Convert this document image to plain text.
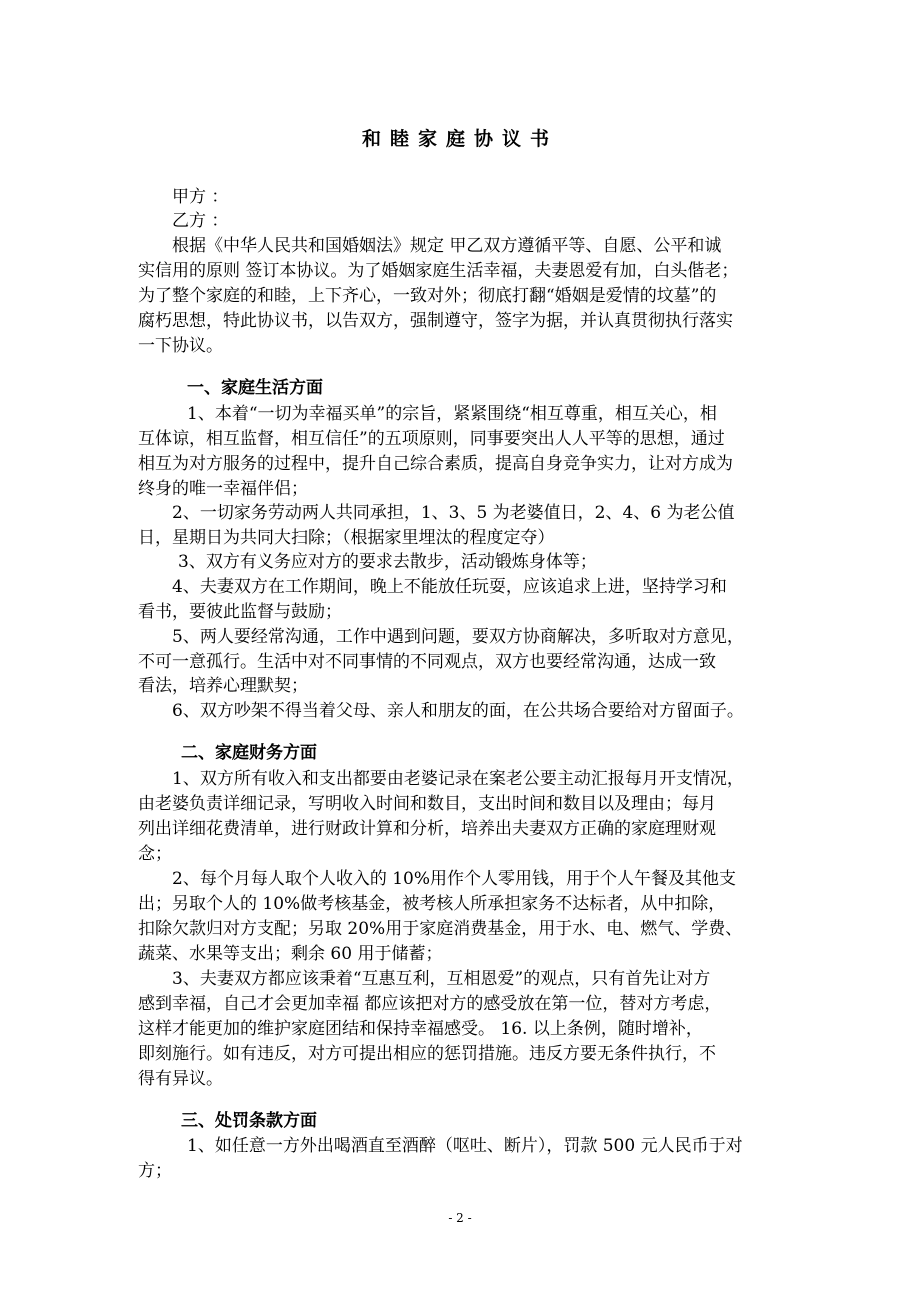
和睦家庭协议书
甲方 ：
乙方 ：
根据《中华人民共和国婚姻法》规定 甲乙双方遵循平等、自愿、公平和诚
实信用的原则 签订本协议。为了婚姻家庭生活幸福，夫妻恩爱有加，白头偕老；
为了整个家庭的和睦，上下齐心，一致对外；彻底打翻“婚姻是爱情的坟墓”的
腐朽思想，特此协议书，以告双方，强制遵守，签字为据，并认真贯彻执行落实
一下协议。
一、家庭生活方面
1、本着“一切为幸福买单”的宗旨，紧紧围绕“相互尊重，相互关心，相
互体谅，相互监督，相互信任”的五项原则，同事要突出人人平等的思想，通过
相互为对方服务的过程中，提升自己综合素质，提高自身竞争实力，让对方成为
终身的唯一幸福伴侣；
2、一切家务劳动两人共同承担，1、3、5 为老婆值日，2、4、6 为老公值
日，星期日为共同大扫除；（根据家里埋汰的程度定夺）
3、双方有义务应对方的要求去散步，活动锻炼身体等；
4、夫妻双方在工作期间，晚上不能放任玩耍，应该追求上进，坚持学习和
看书，要彼此监督与鼓励；
5、两人要经常沟通，工作中遇到问题，要双方协商解决，多听取对方意见，
不可一意孤行。生活中对不同事情的不同观点，双方也要经常沟通，达成一致
看法，培养心理默契；
6、双方吵架不得当着父母、亲人和朋友的面，在公共场合要给对方留面子。
二、家庭财务方面
1、双方所有收入和支出都要由老婆记录在案老公要主动汇报每月开支情况，
由老婆负责详细记录，写明收入时间和数目，支出时间和数目以及理由；每月
列出详细花费清单，进行财政计算和分析，培养出夫妻双方正确的家庭理财观
念；
2、每个月每人取个人收入的 10%用作个人零用钱，用于个人午餐及其他支
出；另取个人的 10%做考核基金，被考核人所承担家务不达标者，从中扣除，
扣除欠款归对方支配；另取 20%用于家庭消费基金，用于水、电、燃气、学费、
蔬菜、水果等支出；剩余 60 用于储蓄；
3、夫妻双方都应该秉着“互惠互利，互相恩爱”的观点，只有首先让对方
感到幸福，自己才会更加幸福 都应该把对方的感受放在第一位，替对方考虑，
这样才能更加的维护家庭团结和保持幸福感受。 16. 以上条例，随时增补，
即刻施行。如有违反，对方可提出相应的惩罚措施。违反方要无条件执行，不
得有异议。
三、处罚条款方面
1、如任意一方外出喝酒直至酒醉（呕吐、断片），罚款 500 元人民币于对
方；
- 2 -
